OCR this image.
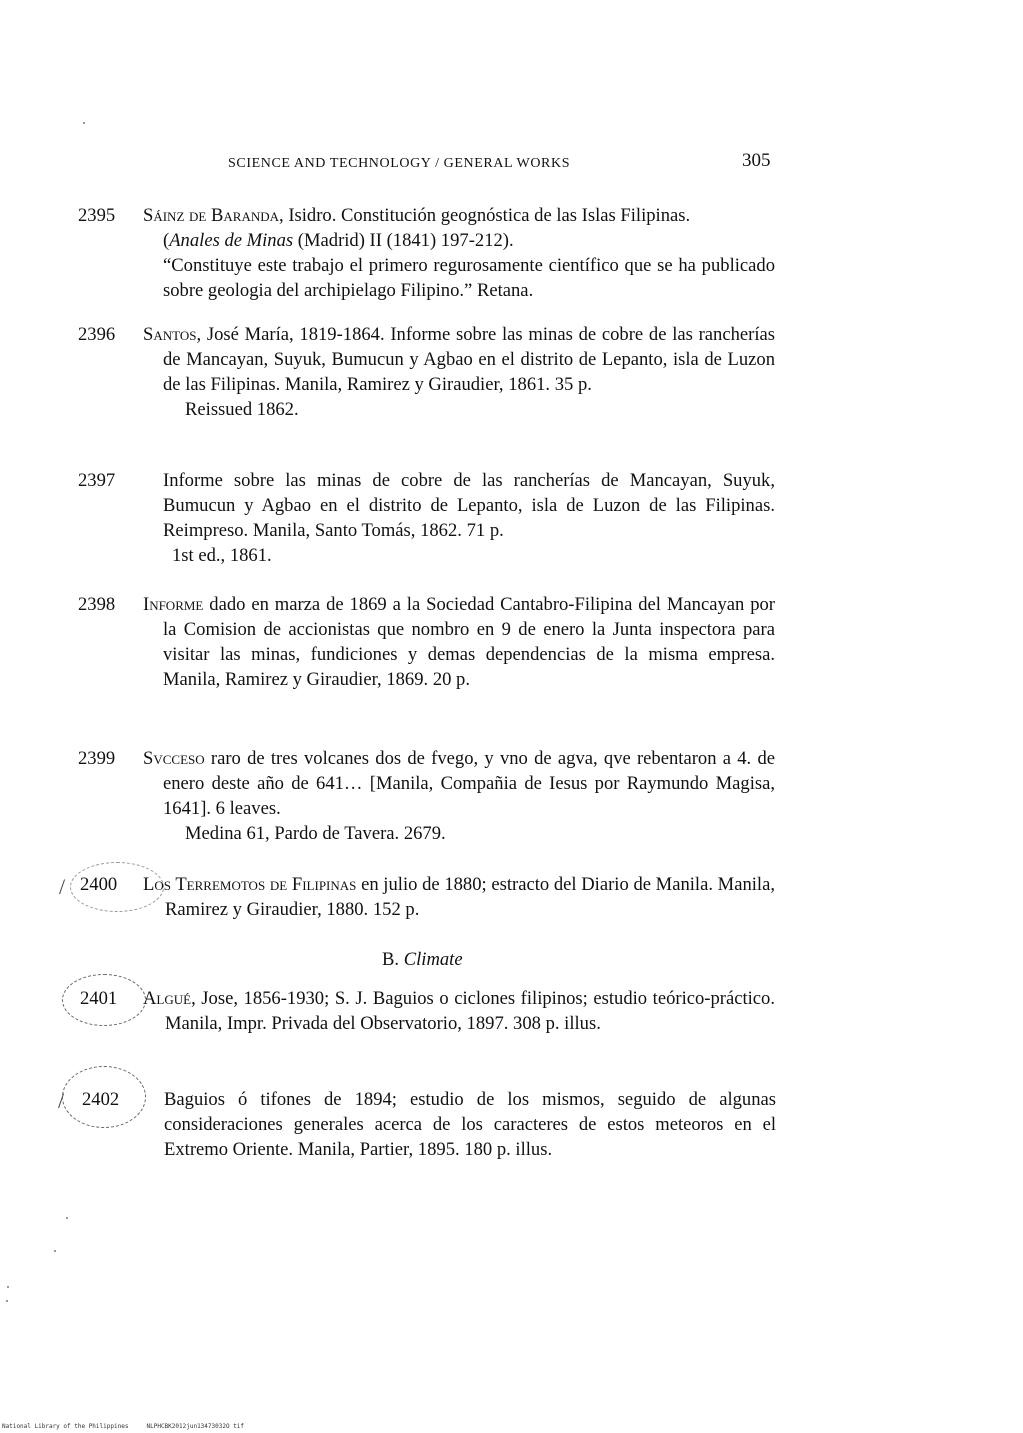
SCIENCE AND TECHNOLOGY / GENERAL WORKS	305
2395 Sáinz de Baranda, Isidro. Constitución geognóstica de las Islas Filipinas.

(Anales de Minas (Madrid) II (1841) 197-212).

“Constituye este trabajo el primero regurosamente científico que se ha publicado sobre geologia del archipielago Filipino.” Retana.

2396 Santos, José María, 1819-1864. Informe sobre las minas de cobre de las rancherías de Mancayan, Suyuk, Bumucun y Agbao en el distrito de Lepanto, isla de Luzon de las Filipinas. Manila, Ramirez y Giraudier, 1861. 35 p.

Reissued 1862.

2397	Informe sobre las minas de cobre de las rancherías de Mancayan, Suyuk, Bumucun y Agbao en el distrito de Lepanto, isla de Luzon de las Filipinas. Reimpreso. Manila, Santo Tomás, 1862. 71 p.

1st ed., 1861.

2398 Informe dado en marza de 1869 a la Sociedad Cantabro-Filipina del Mancayan por la Comision de accionistas que nombro en 9 de enero la Junta inspectora para visitar las minas, fundiciones y demas dependencias de la misma empresa. Manila, Ramirez y Giraudier, 1869. 20 p.

2399 Svcceso raro de tres volcanes dos de fvego, y vno de agva, qve rebentaron a 4. de enero deste año de 641… [Manila, Compañia de Iesus por Raymundo Magisa, 1641]. 6 leaves.

Medina 61, Pardo de Tavera. 2679.

/ 2400 Los Terremotos de Filipinas en julio de 1880; estracto del Diario de Manila. Manila, Ramirez y Giraudier, 1880. 152 p.

B. Climate
2401 Algué, Jose, 1856-1930; S. J. Baguios o ciclones filipinos; estudio teórico-práctico. Manila, Impr. Privada del Observatorio, 1897. 308 p. illus.

/ 2402 Baguios ó tifones de 1894; estudio de los mismos, seguido de algunas consideraciones generales acerca de los caracteres de estos meteoros en el Extremo Oriente. Manila, Partier, 1895. 180 p. illus.

National Library of the Philippines	NLPHCBK2012jun13473032O tif
